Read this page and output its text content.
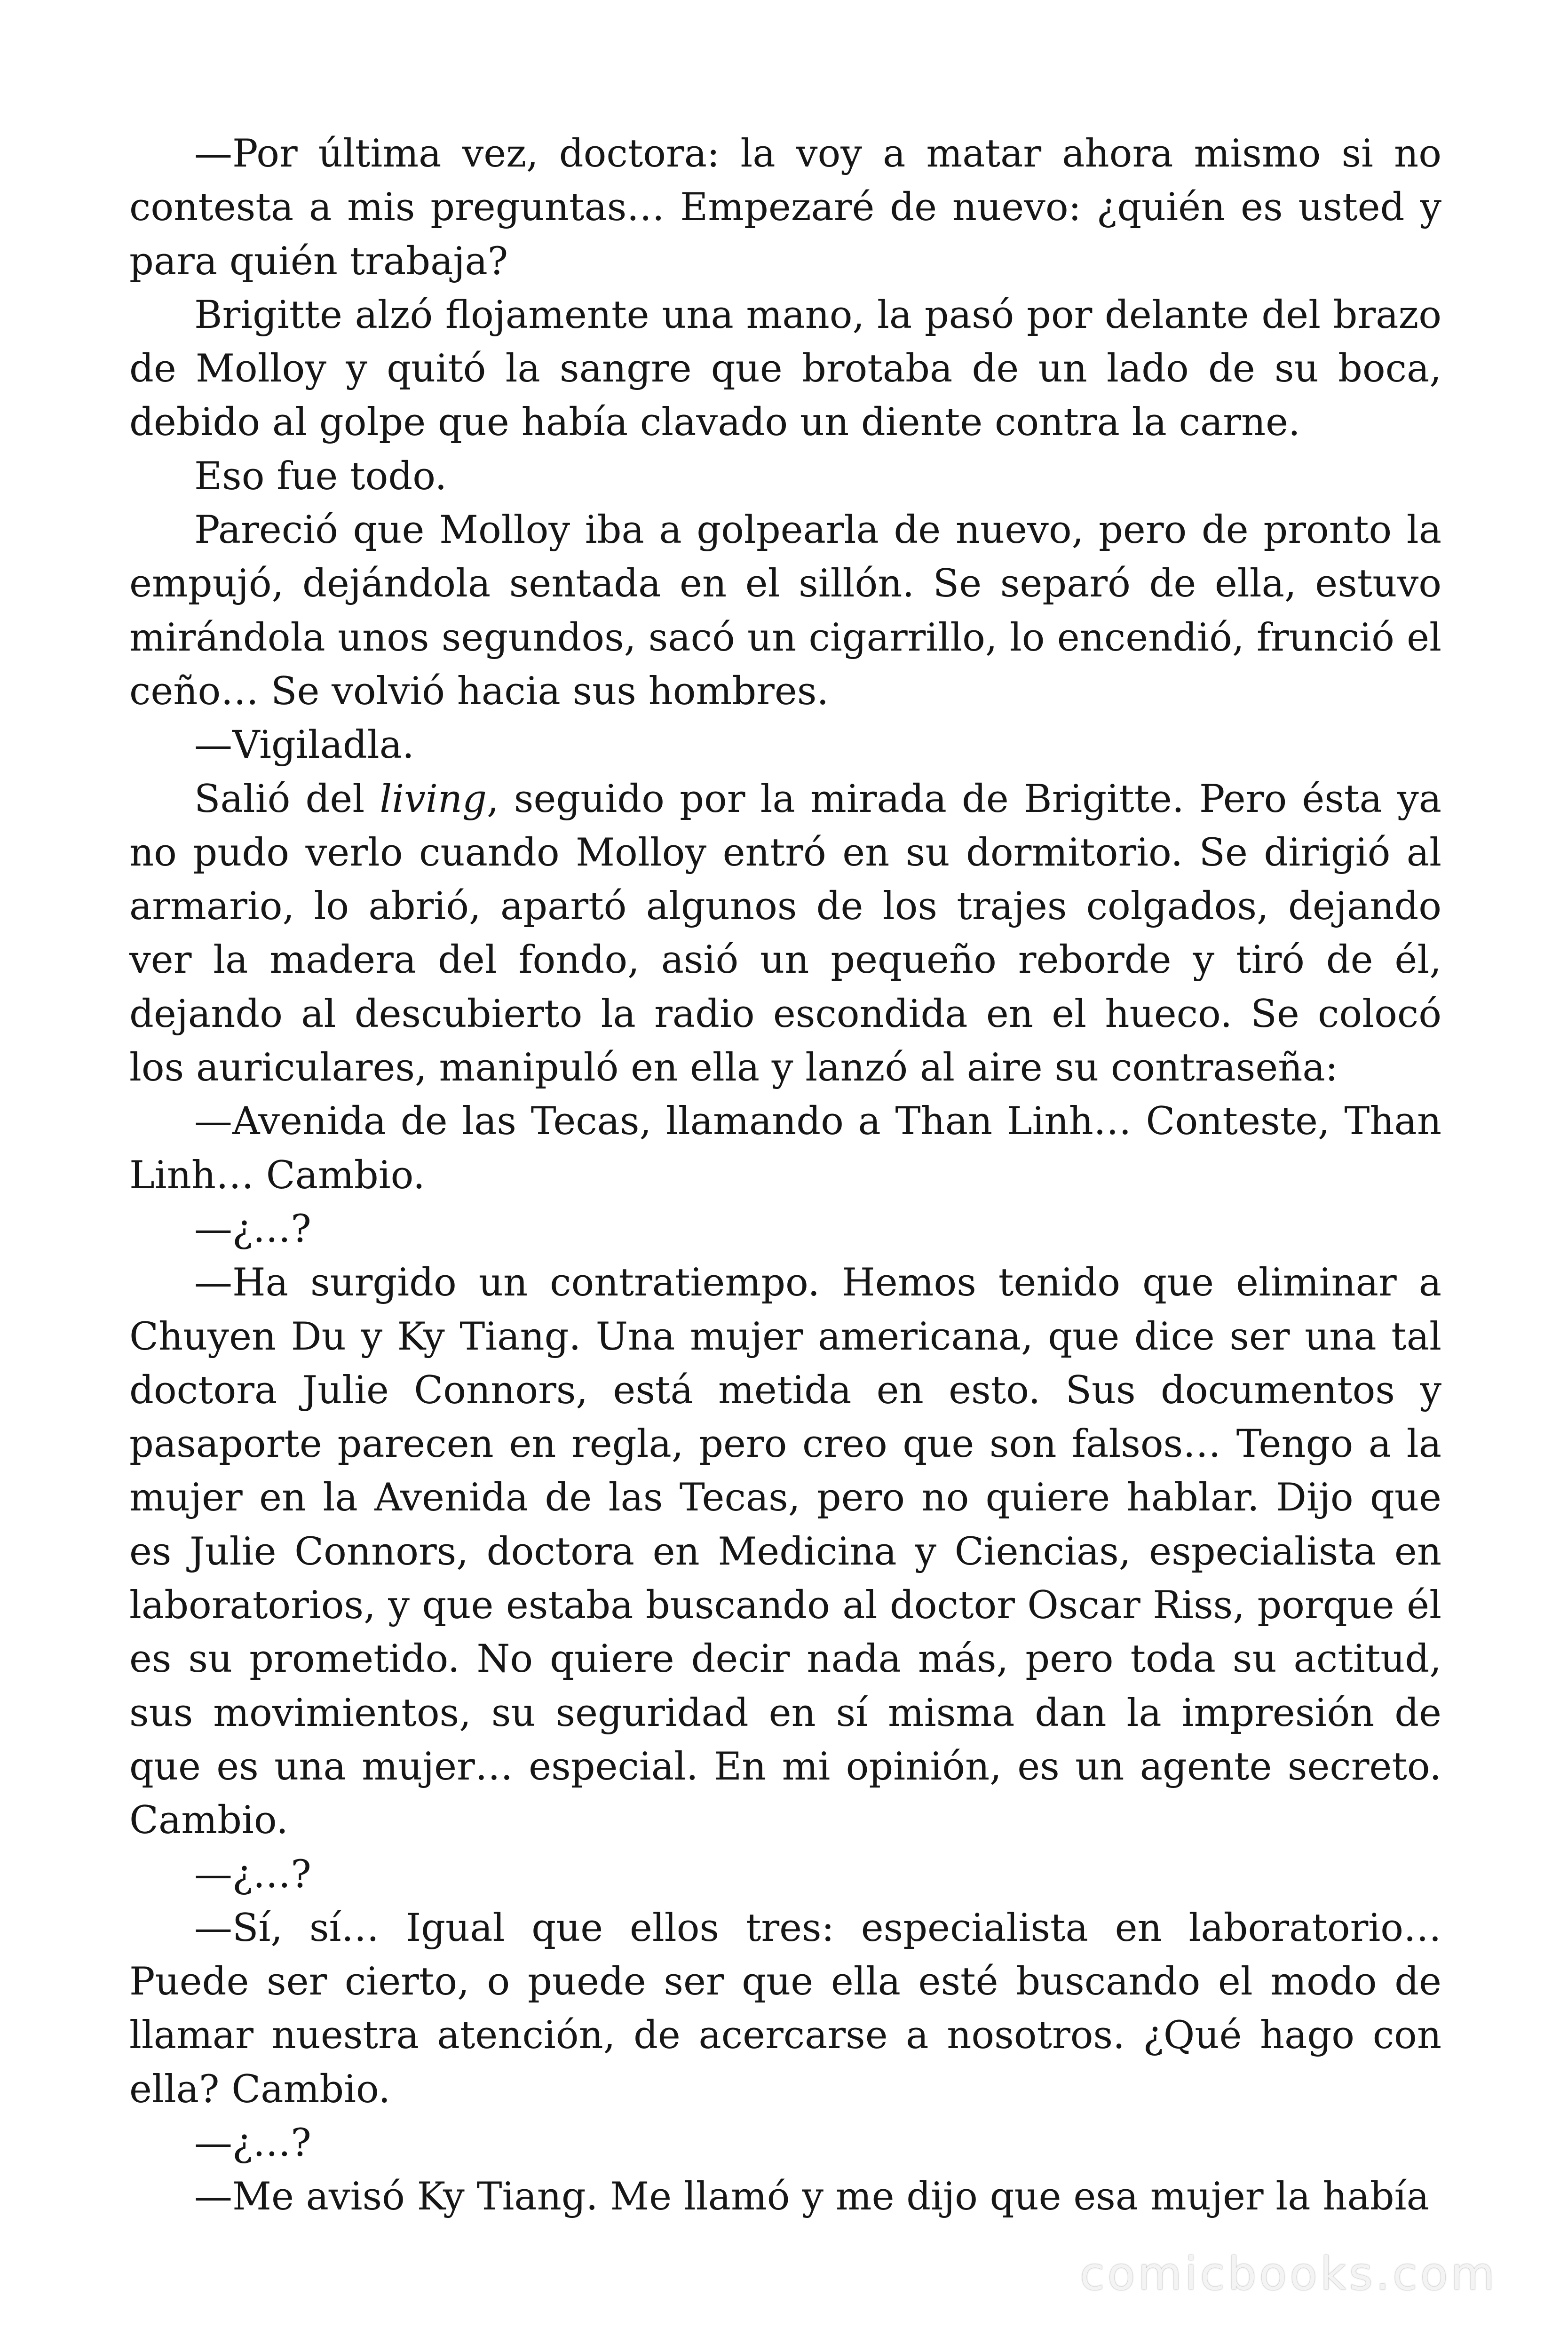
—Por última vez, doctora: la voy a matar ahora mismo si no contesta a mis preguntas… Empezaré de nuevo: ¿quién es usted y para quién trabaja?

Brigitte alzó flojamente una mano, la pasó por delante del brazo de Molloy y quitó la sangre que brotaba de un lado de su boca, debido al golpe que había clavado un diente contra la carne.

Eso fue todo.

Pareció que Molloy iba a golpearla de nuevo, pero de pronto la empujó, dejándola sentada en el sillón. Se separó de ella, estuvo mirándola unos segundos, sacó un cigarrillo, lo encendió, frunció el ceño… Se volvió hacia sus hombres.

—Vigiladla.

Salió del living, seguido por la mirada de Brigitte. Pero ésta ya no pudo verlo cuando Molloy entró en su dormitorio. Se dirigió al armario, lo abrió, apartó algunos de los trajes colgados, dejando ver la madera del fondo, asió un pequeño reborde y tiró de él, dejando al descubierto la radio escondida en el hueco. Se colocó los auriculares, manipuló en ella y lanzó al aire su contraseña:

—Avenida de las Tecas, llamando a Than Linh… Conteste, Than Linh… Cambio.

—¿…?

—Ha surgido un contratiempo. Hemos tenido que eliminar a Chuyen Du y Ky Tiang. Una mujer americana, que dice ser una tal doctora Julie Connors, está metida en esto. Sus documentos y pasaporte parecen en regla, pero creo que son falsos… Tengo a la mujer en la Avenida de las Tecas, pero no quiere hablar. Dijo que es Julie Connors, doctora en Medicina y Ciencias, especialista en laboratorios, y que estaba buscando al doctor Oscar Riss, porque él es su prometido. No quiere decir nada más, pero toda su actitud, sus movimientos, su seguridad en sí misma dan la impresión de que es una mujer… especial. En mi opinión, es un agente secreto. Cambio.

—¿…?

—Sí, sí… Igual que ellos tres: especialista en laboratorio… Puede ser cierto, o puede ser que ella esté buscando el modo de llamar nuestra atención, de acercarse a nosotros. ¿Qué hago con ella? Cambio.

—¿…?

—Me avisó Ky Tiang. Me llamó y me dijo que esa mujer la había

comicbooks.com
